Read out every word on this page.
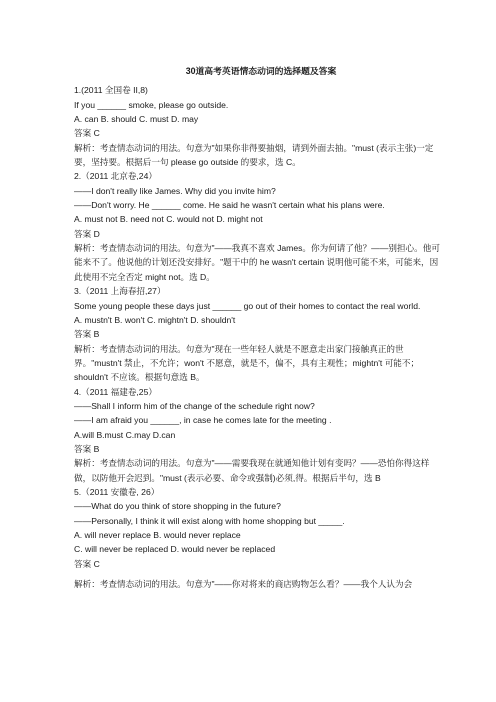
30道高考英语情态动词的选择题及答案
1.(2011 全国卷 II,8)
If you ______ smoke, please go outside.
A. can B. should C. must D. may
答案 C
解析：考查情态动词的用法。句意为"如果你非得要抽烟，请到外面去抽。"must (表示主张)一定要，坚持要。根据后一句 please go outside 的要求，选 C。
2.（2011 北京卷,24）
——I don't really like James. Why did you invite him?
——Don't worry. He ______ come. He said he wasn't certain what his plans were.
A. must not B. need not C. would not D. might not
答案 D
解析：考查情态动词的用法。句意为"——我真不喜欢 James。你为何请了他？——别担心。他可能来不了。他说他的计划还没安排好。"题干中的 he wasn't certain 说明他可能不来，可能来，因此使用不完全否定 might not。选 D。
3.（2011 上海春招,27）
Some young people these days just ______ go out of their homes to contact the real world.
A. mustn't B. won't C. mightn't D. shouldn't
答案 B
解析：考查情态动词的用法。句意为"现在一些年轻人就是不愿意走出家门接触真正的世界。"mustn't 禁止，不允许；won't 不愿意，就是不，偏不，具有主观性；mightn't 可能不；shouldn't 不应该。根据句意选 B。
4.（2011 福建卷,25）
——Shall I inform him of the change of the schedule right now?
——I am afraid you ______, in case he comes late for the meeting .
A.will B.must C.may D.can
答案 B
解析：考查情态动词的用法。句意为"——需要我现在就通知他计划有变吗？——恐怕你得这样做，以防他开会迟到。"must (表示必要、命令或强制)必须,得。根据后半句，选 B
5.（2011 安徽卷, 26）
——What do you think of store shopping in the future?
——Personally, I think it will exist along with home shopping but _____.
A. will never replace B. would never replace
C. will never be replaced D. would never be replaced
答案 C
解析：考查情态动词的用法。句意为"——你对将来的商店购物怎么看？——我个人认为会
